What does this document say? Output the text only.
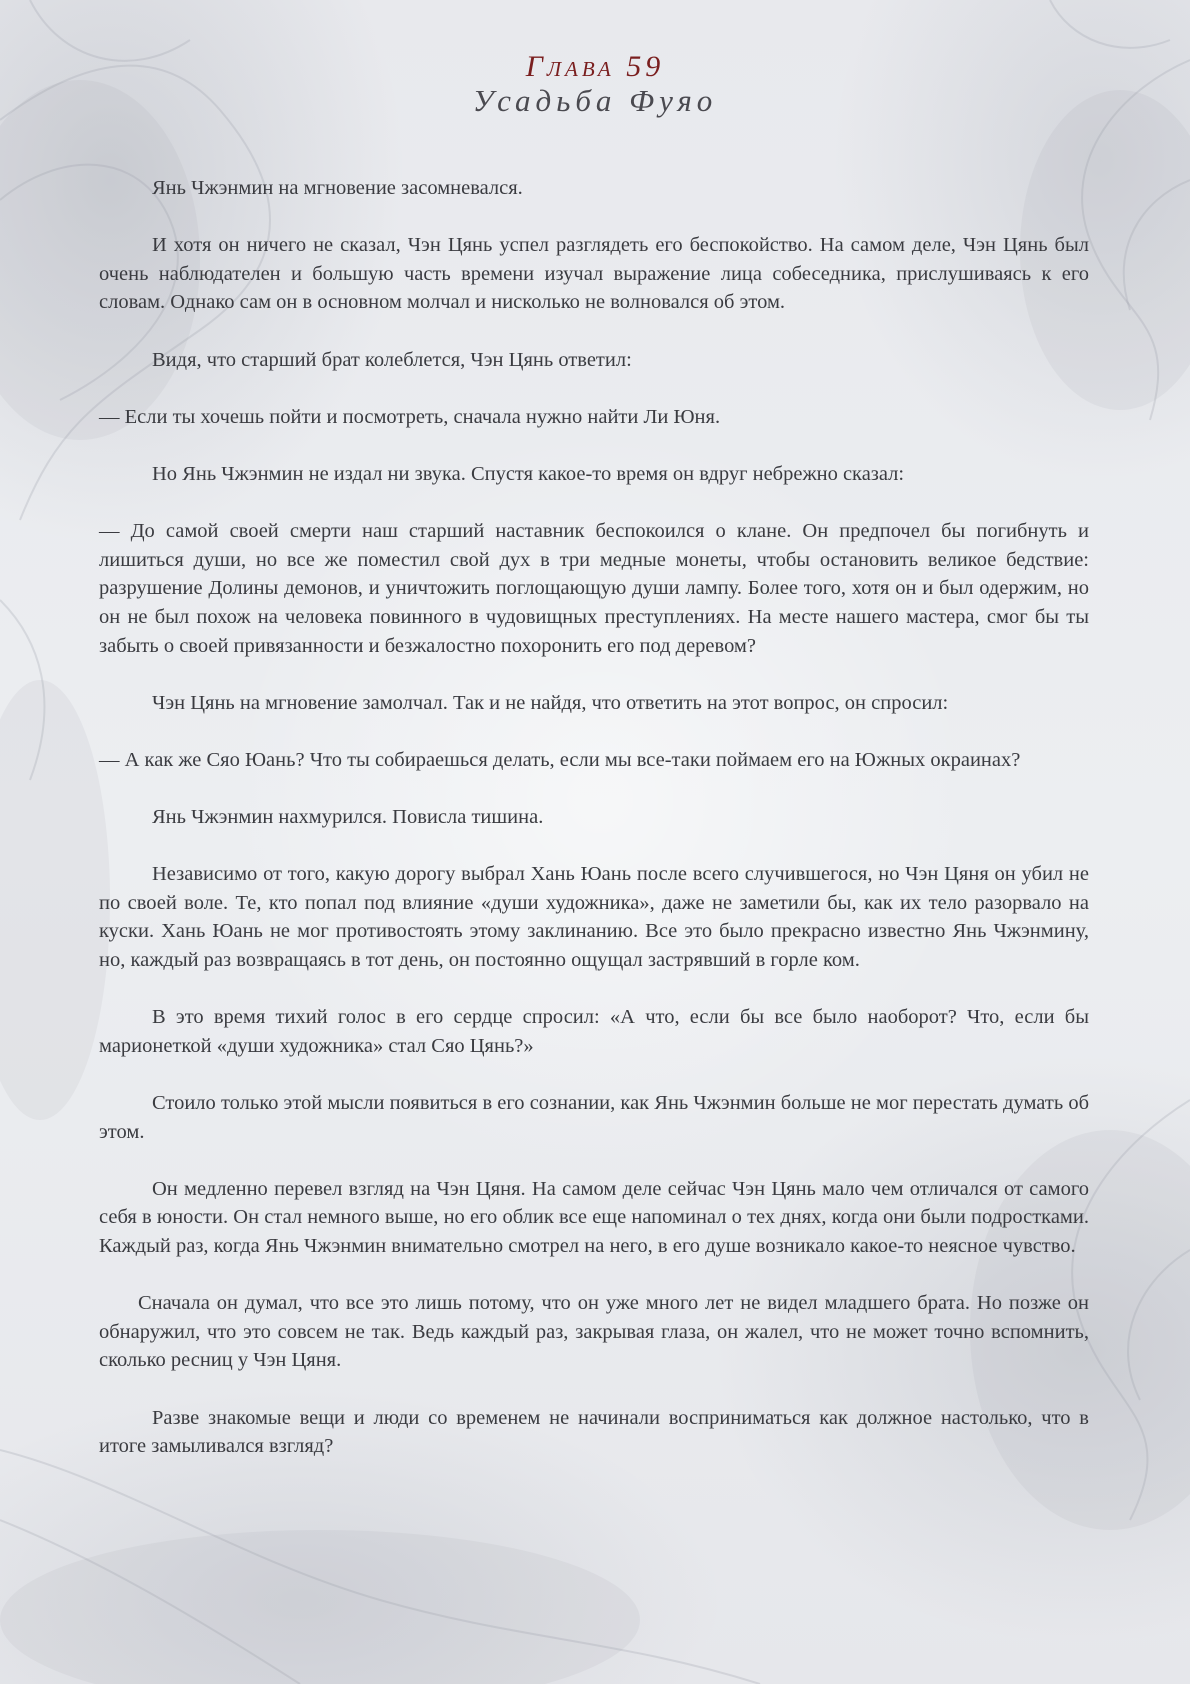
Глава 59
Усадьба Фуяо

Янь Чжэнмин на мгновение засомневался.

И хотя он ничего не сказал, Чэн Цянь успел разглядеть его беспокойство. На самом деле, Чэн Цянь был очень наблюдателен и большую часть времени изучал выражение лица собеседника, прислушиваясь к его словам. Однако сам он в основном молчал и нисколько не волновался об этом.

Видя, что старший брат колеблется, Чэн Цянь ответил:

— Если ты хочешь пойти и посмотреть, сначала нужно найти Ли Юня.

Но Янь Чжэнмин не издал ни звука. Спустя какое-то время он вдруг небрежно сказал:

— До самой своей смерти наш старший наставник беспокоился о клане. Он предпочел бы погибнуть и лишиться души, но все же поместил свой дух в три медные монеты, чтобы остановить великое бедствие: разрушение Долины демонов, и уничтожить поглощающую души лампу. Более того, хотя он и был одержим, но он не был похож на человека повинного в чудовищных преступлениях. На месте нашего мастера, смог бы ты забыть о своей привязанности и безжалостно похоронить его под деревом?

Чэн Цянь на мгновение замолчал. Так и не найдя, что ответить на этот вопрос, он спросил:

— А как же Сяо Юань? Что ты собираешься делать, если мы все-таки поймаем его на Южных окраинах?

Янь Чжэнмин нахмурился. Повисла тишина.

Независимо от того, какую дорогу выбрал Хань Юань после всего случившегося, но Чэн Цяня он убил не по своей воле. Те, кто попал под влияние «души художника», даже не заметили бы, как их тело разорвало на куски. Хань Юань не мог противостоять этому заклинанию. Все это было прекрасно известно Янь Чжэнмину, но, каждый раз возвращаясь в тот день, он постоянно ощущал застрявший в горле ком.

В это время тихий голос в его сердце спросил: «А что, если бы все было наоборот? Что, если бы марионеткой «души художника» стал Сяо Цянь?»

Стоило только этой мысли появиться в его сознании, как Янь Чжэнмин больше не мог перестать думать об этом.

Он медленно перевел взгляд на Чэн Цяня. На самом деле сейчас Чэн Цянь мало чем отличался от самого себя в юности. Он стал немного выше, но его облик все еще напоминал о тех днях, когда они были подростками. Каждый раз, когда Янь Чжэнмин внимательно смотрел на него, в его душе возникало какое-то неясное чувство.

Сначала он думал, что все это лишь потому, что он уже много лет не видел младшего брата. Но позже он обнаружил, что это совсем не так. Ведь каждый раз, закрывая глаза, он жалел, что не может точно вспомнить, сколько ресниц у Чэн Цяня.

Разве знакомые вещи и люди со временем не начинали восприниматься как должное настолько, что в итоге замыливался взгляд?
